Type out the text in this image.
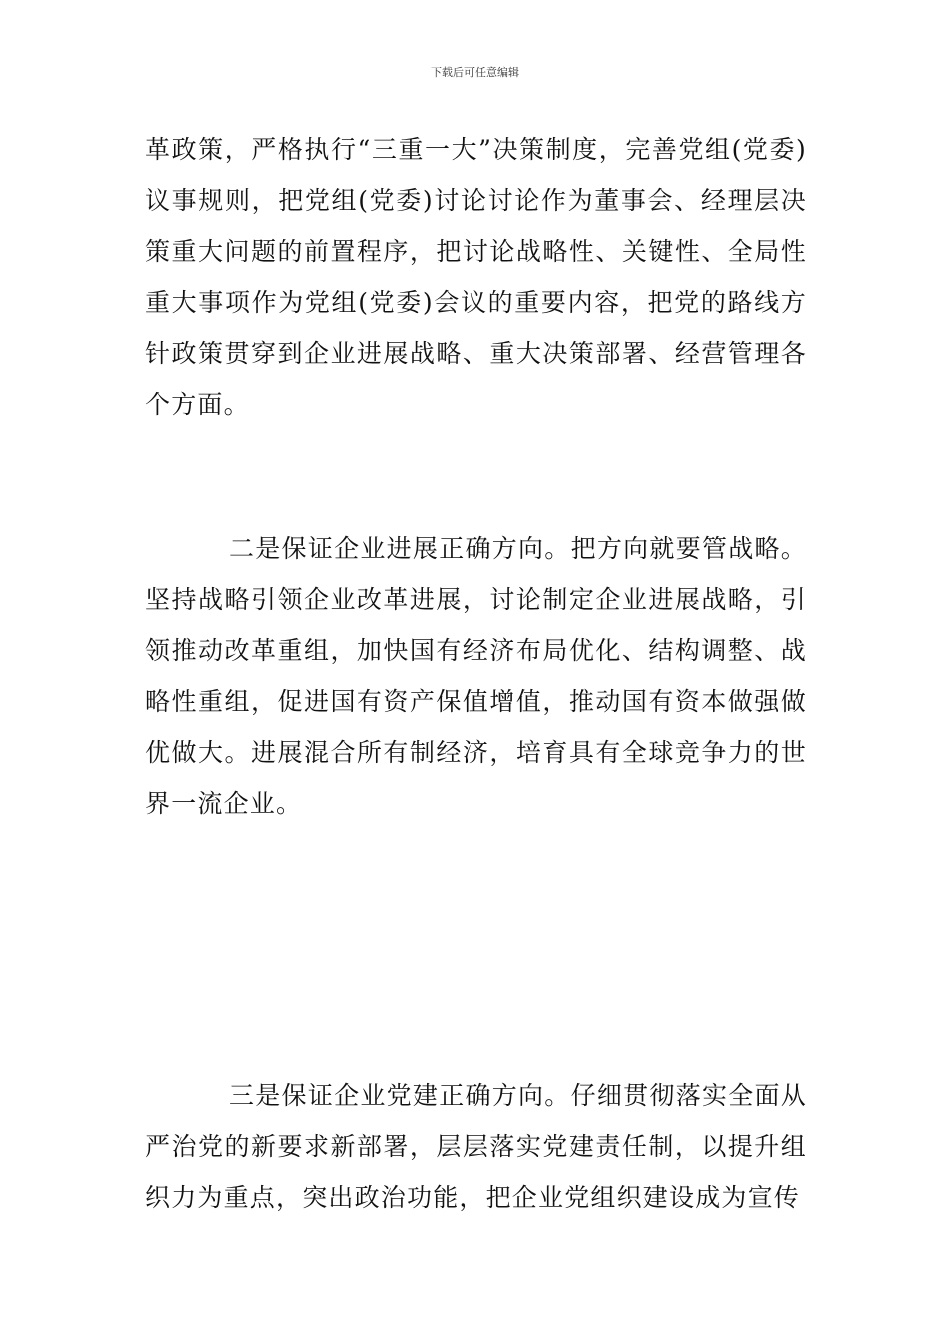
下载后可任意编辑

革政策，严格执行“三重一大”决策制度，完善党组(党委)议事规则，把党组(党委)讨论讨论作为董事会、经理层决策重大问题的前置程序，把讨论战略性、关键性、全局性重大事项作为党组(党委)会议的重要内容，把党的路线方针政策贯穿到企业进展战略、重大决策部署、经营管理各个方面。

二是保证企业进展正确方向。把方向就要管战略。坚持战略引领企业改革进展，讨论制定企业进展战略，引领推动改革重组，加快国有经济布局优化、结构调整、战略性重组，促进国有资产保值增值，推动国有资本做强做优做大。进展混合所有制经济，培育具有全球竞争力的世界一流企业。

三是保证企业党建正确方向。仔细贯彻落实全面从严治党的新要求新部署，层层落实党建责任制，以提升组织力为重点，突出政治功能，把企业党组织建设成为宣传
